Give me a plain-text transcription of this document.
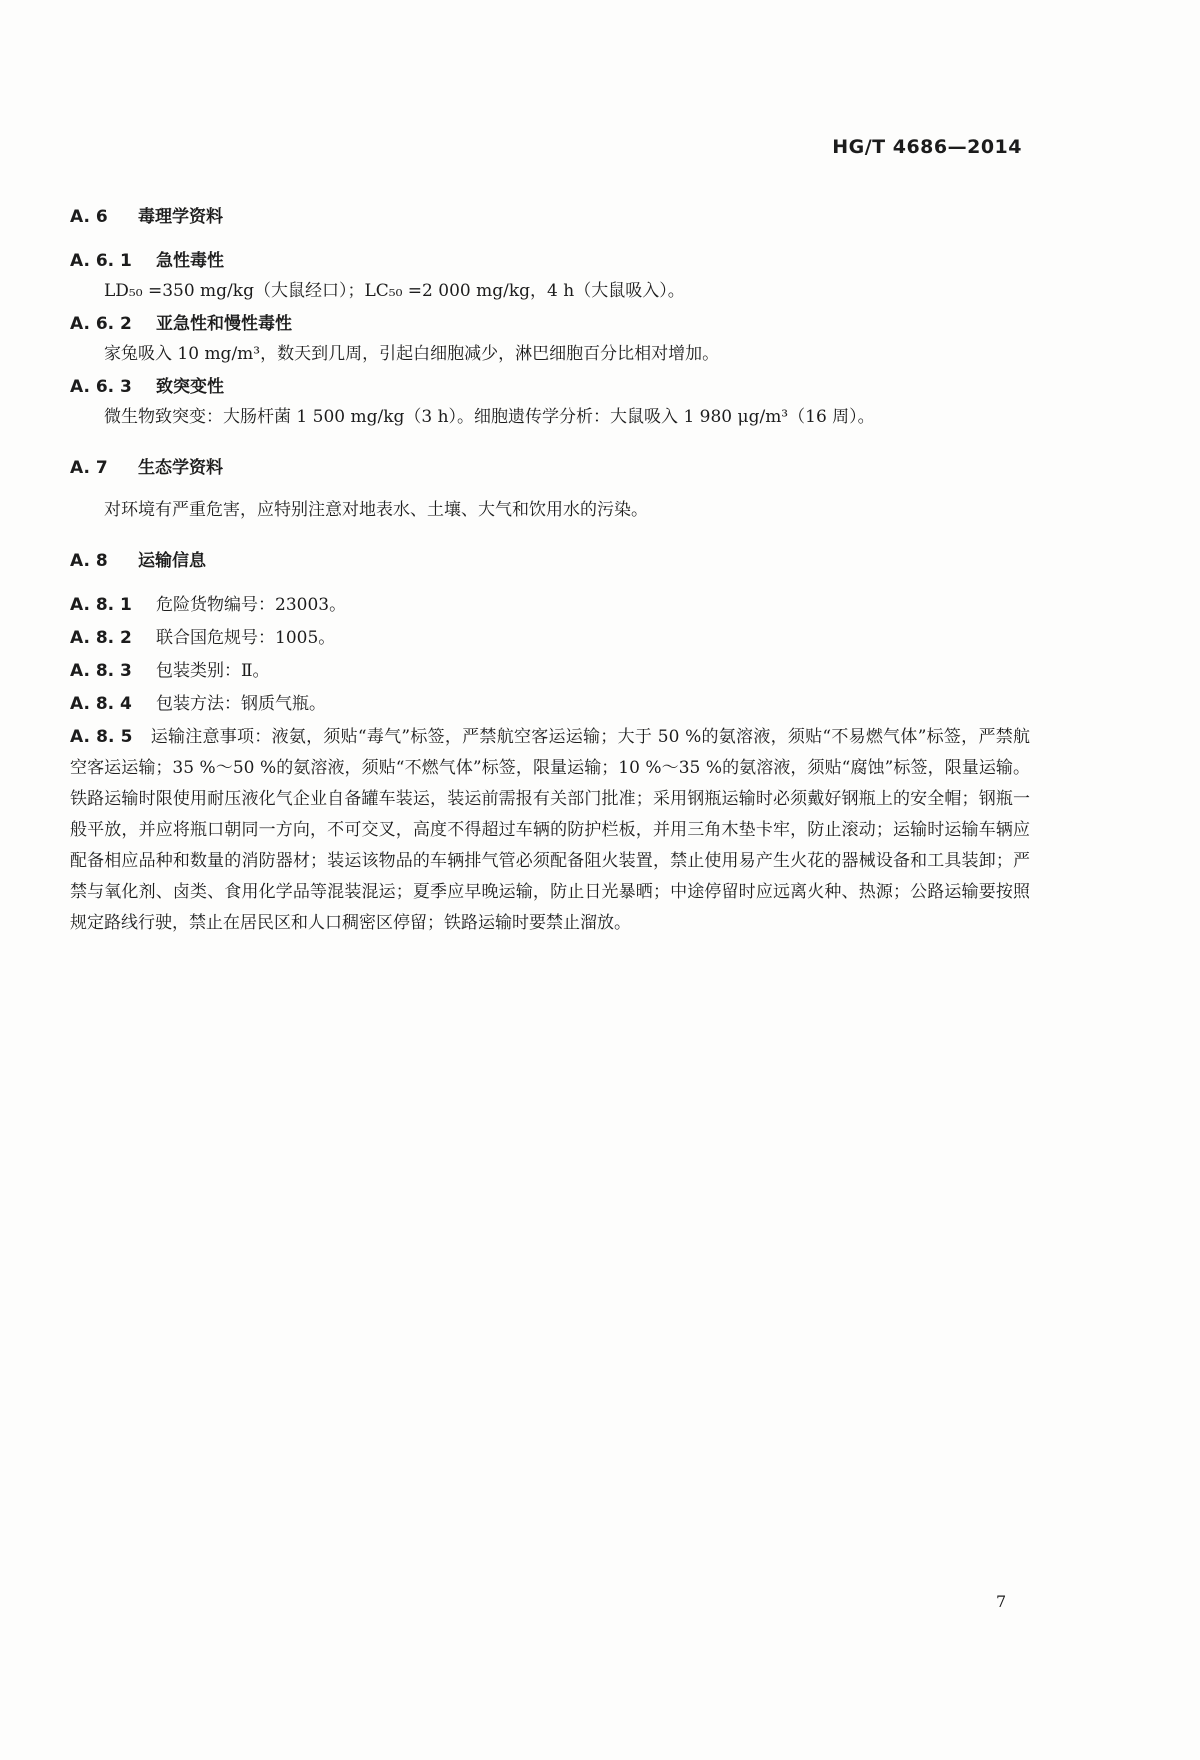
HG/T 4686—2014
A. 6	毒理学资料
A. 6. 1	急性毒性

LD₅₀ =350 mg/kg（大鼠经口）；LC₅₀ =2 000 mg/kg，4 h（大鼠吸入）。

A. 6. 2	亚急性和慢性毒性

家兔吸入 10 mg/m³，数天到几周，引起白细胞减少，淋巴细胞百分比相对增加。

A. 6. 3	致突变性

微生物致突变：大肠杆菌 1 500 mg/kg（3 h）。细胞遗传学分析：大鼠吸入 1 980 μg/m³（16 周）。

A. 7	生态学资料

对环境有严重危害，应特别注意对地表水、土壤、大气和饮用水的污染。

A. 8	运输信息
A. 8. 1	危险货物编号：23003。
A. 8. 2	联合国危规号：1005。
A. 8. 3	包装类别：Ⅱ。
A. 8. 4	包装方法：钢质气瓶。
A. 8. 5 运输注意事项：液氨，须贴“毒气”标签，严禁航空客运运输；大于 50 %的氨溶液，须贴“不易燃气体”标签，严禁航空客运运输；35 %～50 %的氨溶液，须贴“不燃气体”标签，限量运输；10 %～35 %的氨溶液，须贴“腐蚀”标签，限量运输。铁路运输时限使用耐压液化气企业自备罐车装运，装运前需报有关部门批准；采用钢瓶运输时必须戴好钢瓶上的安全帽；钢瓶一般平放，并应将瓶口朝同一方向，不可交叉，高度不得超过车辆的防护栏板，并用三角木垫卡牢，防止滚动；运输时运输车辆应配备相应品种和数量的消防器材；装运该物品的车辆排气管必须配备阻火装置，禁止使用易产生火花的器械设备和工具装卸；严禁与氧化剂、卤类、食用化学品等混装混运；夏季应早晚运输，防止日光暴晒；中途停留时应远离火种、热源；公路运输要按照规定路线行驶，禁止在居民区和人口稠密区停留；铁路运输时要禁止溜放。
7
